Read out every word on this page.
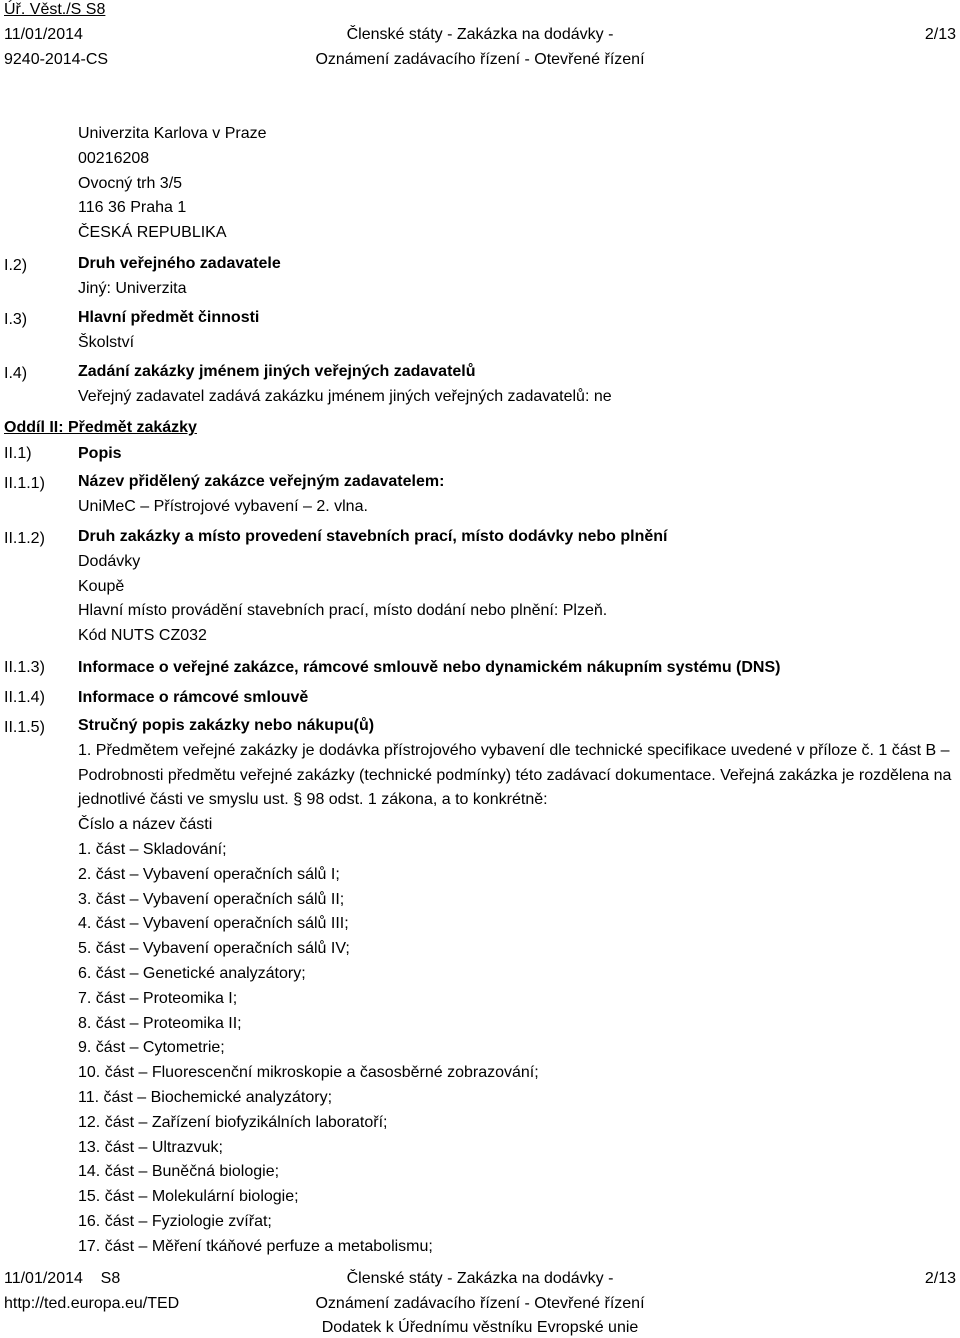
Úř. Věst./S S8
11/01/2014
9240-2014-CS
Členské státy - Zakázka na dodávky -
Oznámení zadávacího řízení - Otevřené řízení
2/13
Univerzita Karlova v Praze
00216208
Ovocný trh 3/5
116 36 Praha 1
ČESKÁ REPUBLIKA
I.2)	Druh veřejného zadavatele
Jiný: Univerzita
I.3)	Hlavní předmět činnosti
Školství
I.4)	Zadání zakázky jménem jiných veřejných zadavatelů
Veřejný zadavatel zadává zakázku jménem jiných veřejných zadavatelů: ne
Oddíl II: Předmět zakázky
II.1)	Popis
II.1.1) Název přidělený zakázce veřejným zadavatelem:
UniMeC – Přístrojové vybavení – 2. vlna.
II.1.2) Druh zakázky a místo provedení stavebních prací, místo dodávky nebo plnění
Dodávky
Koupě
Hlavní místo provádění stavebních prací, místo dodání nebo plnění: Plzeň.
Kód NUTS CZ032
II.1.3) Informace o veřejné zakázce, rámcové smlouvě nebo dynamickém nákupním systému (DNS)
II.1.4) Informace o rámcové smlouvě
II.1.5) Stručný popis zakázky nebo nákupu(ů)
1. Předmětem veřejné zakázky je dodávka přístrojového vybavení dle technické specifikace uvedené v příloze č. 1 část B – Podrobnosti předmětu veřejné zakázky (technické podmínky) této zadávací dokumentace. Veřejná zakázka je rozdělena na jednotlivé části ve smyslu ust. § 98 odst. 1 zákona, a to konkrétně:
Číslo a název části
1. část – Skladování;
2. část – Vybavení operačních sálů I;
3. část – Vybavení operačních sálů II;
4. část – Vybavení operačních sálů III;
5. část – Vybavení operačních sálů IV;
6. část – Genetické analyzátory;
7. část – Proteomika I;
8. část – Proteomika II;
9. část – Cytometrie;
10. část – Fluorescenční mikroskopie a časosběrné zobrazování;
11. část – Biochemické analyzátory;
12. část – Zařízení biofyzikálních laboratoří;
13. část – Ultrazvuk;
14. část – Buněčná biologie;
15. část – Molekulární biologie;
16. část – Fyziologie zvířat;
17. část – Měření tkáňové perfuze a metabolismu;
11/01/2014    S8
http://ted.europa.eu/TED
Členské státy - Zakázka na dodávky -
Oznámení zadávacího řízení - Otevřené řízení
Dodatek k Úřednímu věstníku Evropské unie
2/13
